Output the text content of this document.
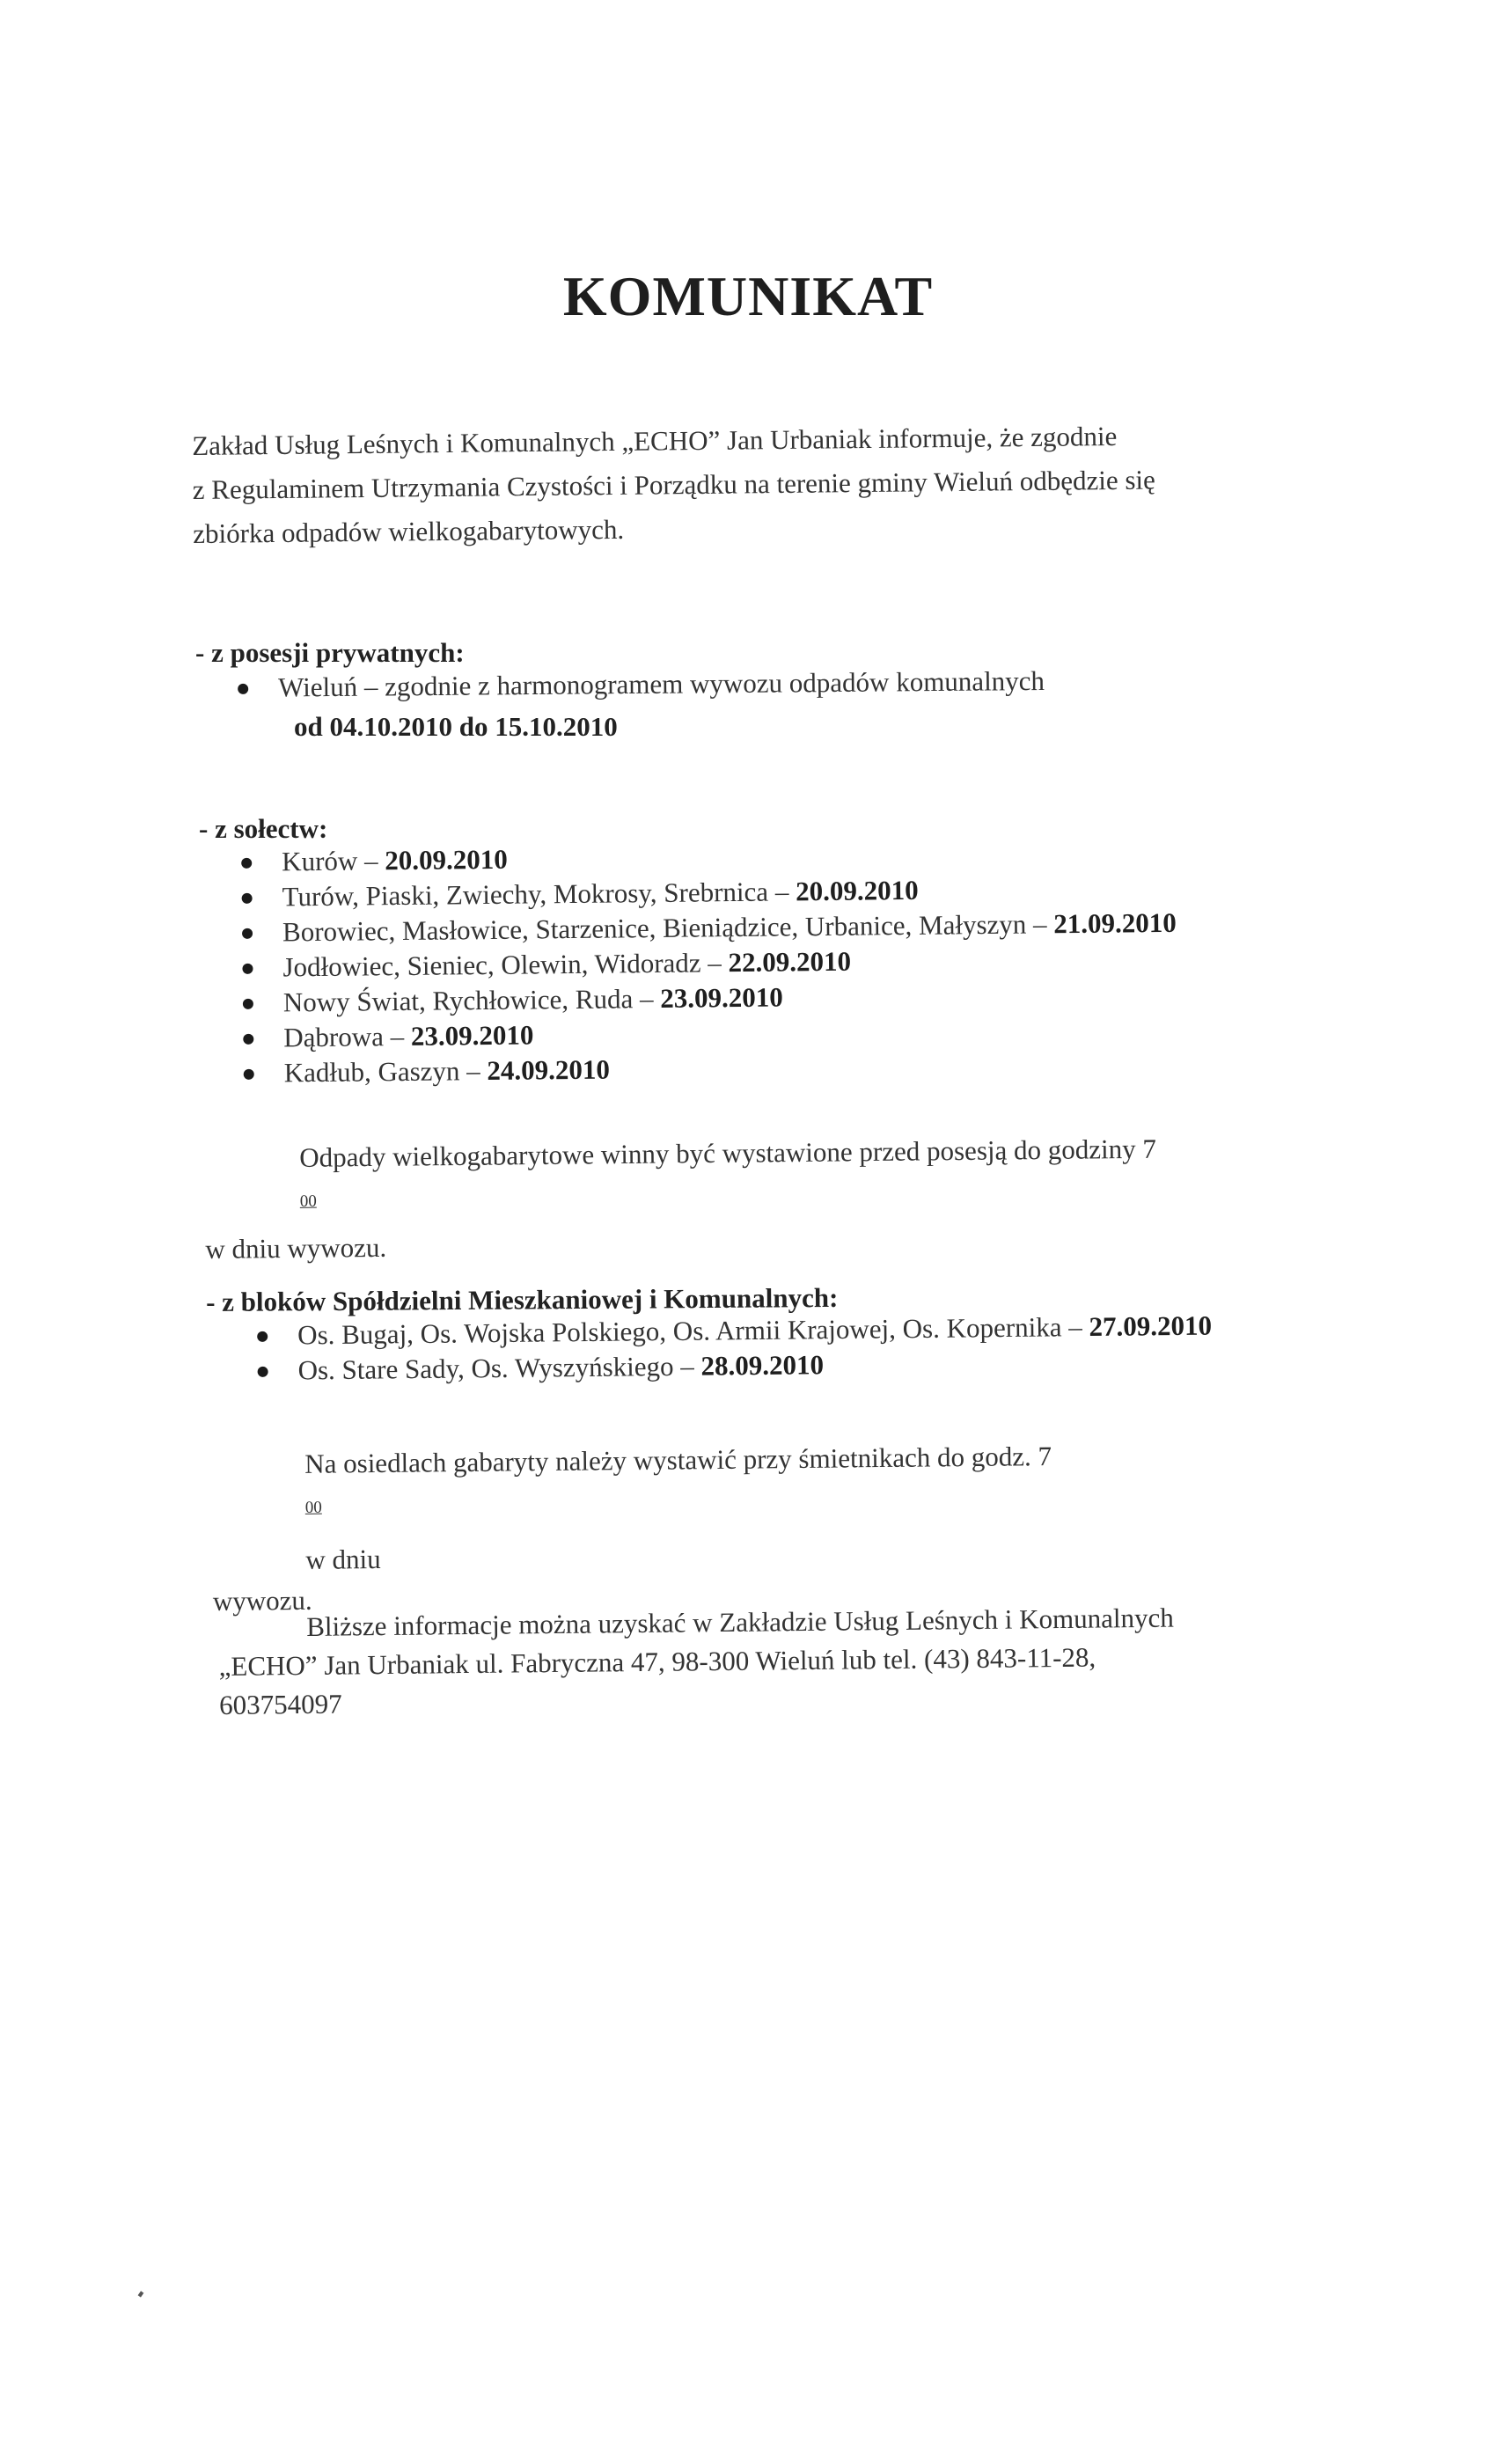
KOMUNIKAT
Zakład Usług Leśnych i Komunalnych „ECHO” Jan Urbaniak informuje, że zgodnie
z Regulaminem Utrzymania Czystości i Porządku na terenie gminy Wieluń odbędzie się
zbiórka odpadów wielkogabarytowych.
- z posesji prywatnych:
Wieluń – zgodnie z harmonogramem wywozu odpadów komunalnych
od 04.10.2010 do 15.10.2010
- z sołectw:
Kurów – 20.09.2010
Turów, Piaski, Zwiechy, Mokrosy, Srebrnica – 20.09.2010
Borowiec, Masłowice, Starzenice, Bieniądzice, Urbanice, Małyszyn – 21.09.2010
Jodłowiec, Sieniec, Olewin, Widoradz – 22.09.2010
Nowy Świat, Rychłowice, Ruda – 23.09.2010
Dąbrowa – 23.09.2010
Kadłub, Gaszyn – 24.09.2010
Odpady wielkogabarytowe winny być wystawione przed posesją do godziny 7
$^{00}$
w dniu wywozu.
- z bloków Spółdzielni Mieszkaniowej i Komunalnych:
Os. Bugaj, Os. Wojska Polskiego, Os. Armii Krajowej, Os. Kopernika – 27.09.2010
Os. Stare Sady, Os. Wyszyńskiego – 28.09.2010
Na osiedlach gabaryty należy wystawić przy śmietnikach do godz. 7
$^{00}$
w dniu
wywozu.
Bliższe informacje można uzyskać w Zakładzie Usług Leśnych i Komunalnych
„ECHO” Jan Urbaniak ul. Fabryczna 47, 98-300 Wieluń lub tel. (43) 843-11-28,
603754097
